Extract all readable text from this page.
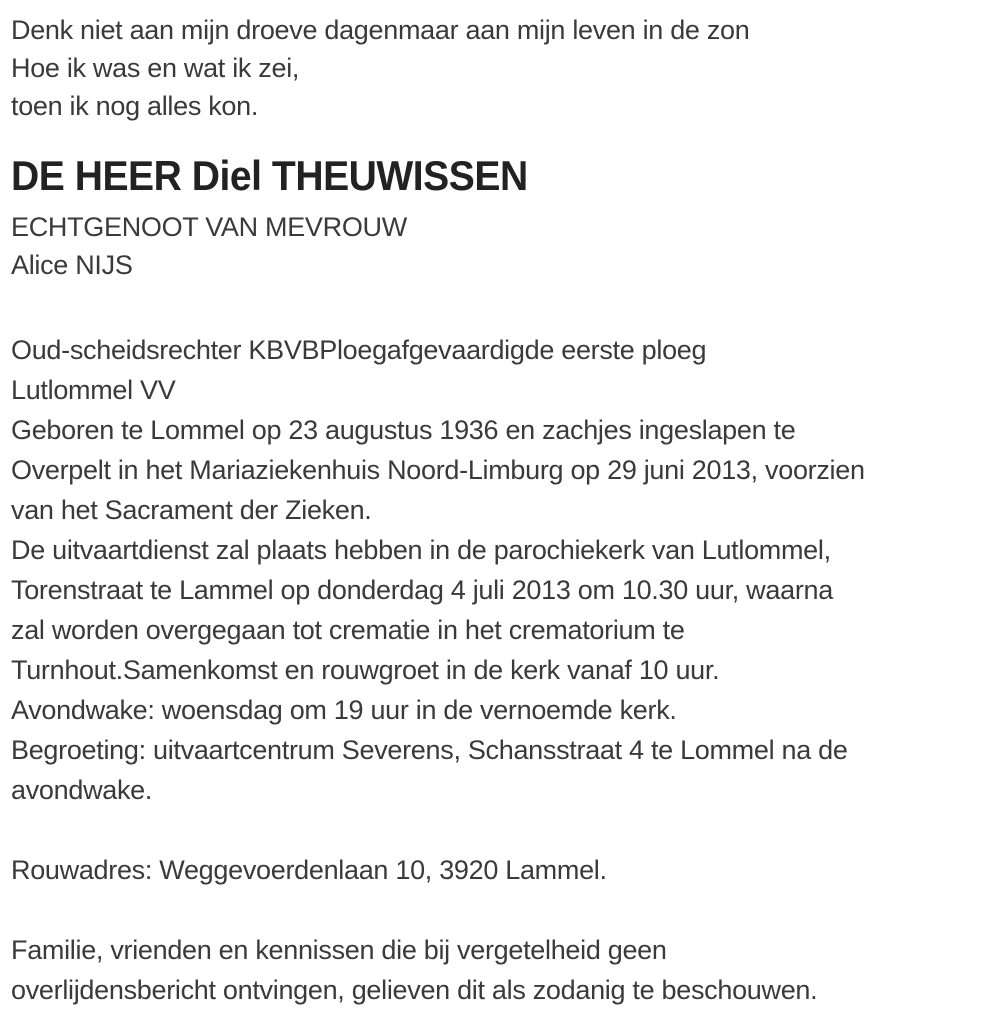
Denk niet aan mijn droeve dagenmaar aan mijn leven in de zon
Hoe ik was en wat ik zei,
toen ik nog alles kon.
DE HEER Diel THEUWISSEN
ECHTGENOOT VAN MEVROUW
Alice NIJS
Oud-scheidsrechter KBVBPloegafgevaardigde eerste ploeg
Lutlommel VV
Geboren te Lommel op 23 augustus 1936 en zachjes ingeslapen te
Overpelt in het Mariaziekenhuis Noord-Limburg op 29 juni 2013, voorzien
van het Sacrament der Zieken.
De uitvaartdienst zal plaats hebben in de parochiekerk van Lutlommel,
Torenstraat te Lammel op donderdag 4 juli 2013 om 10.30 uur, waarna
zal worden overgegaan tot crematie in het crematorium te
Turnhout.Samenkomst en rouwgroet in de kerk vanaf 10 uur.
Avondwake: woensdag om 19 uur in de vernoemde kerk.
Begroeting: uitvaartcentrum Severens, Schansstraat 4 te Lommel na de
avondwake.
Rouwadres: Weggevoerdenlaan 10, 3920 Lammel.
Familie, vrienden en kennissen die bij vergetelheid geen
overlijdensbericht ontvingen, gelieven dit als zodanig te beschouwen.
